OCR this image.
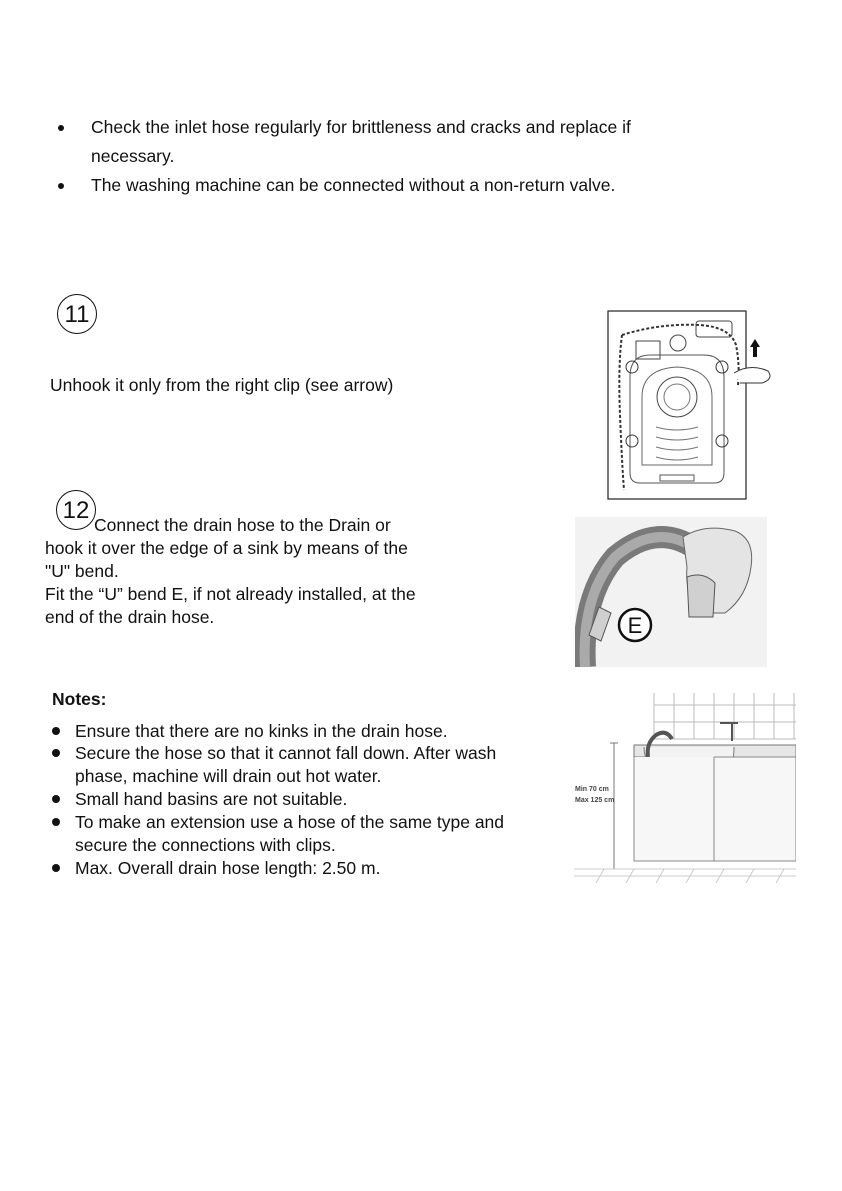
Check the inlet hose regularly for brittleness and cracks and replace if
necessary.
The washing machine can be connected without a non-return valve.
11
Unhook it only from the right clip (see arrow)
12
Connect the drain hose to the Drain or
hook it over the edge of a sink by means of the
"U" bend.
Fit the “U” bend E, if not already installed, at the
end of the drain hose.	E
Notes:
Ensure that there are no kinks in the drain hose.
Secure the hose so that it cannot fall down. After wash
phase, machine will drain out hot water.
Small hand basins are not suitable.
To make an extension use a hose of the same type and
secure the connections with clips.
Max. Overall drain hose length: 2.50 m.
Min 70 cm
Max 125 cm
